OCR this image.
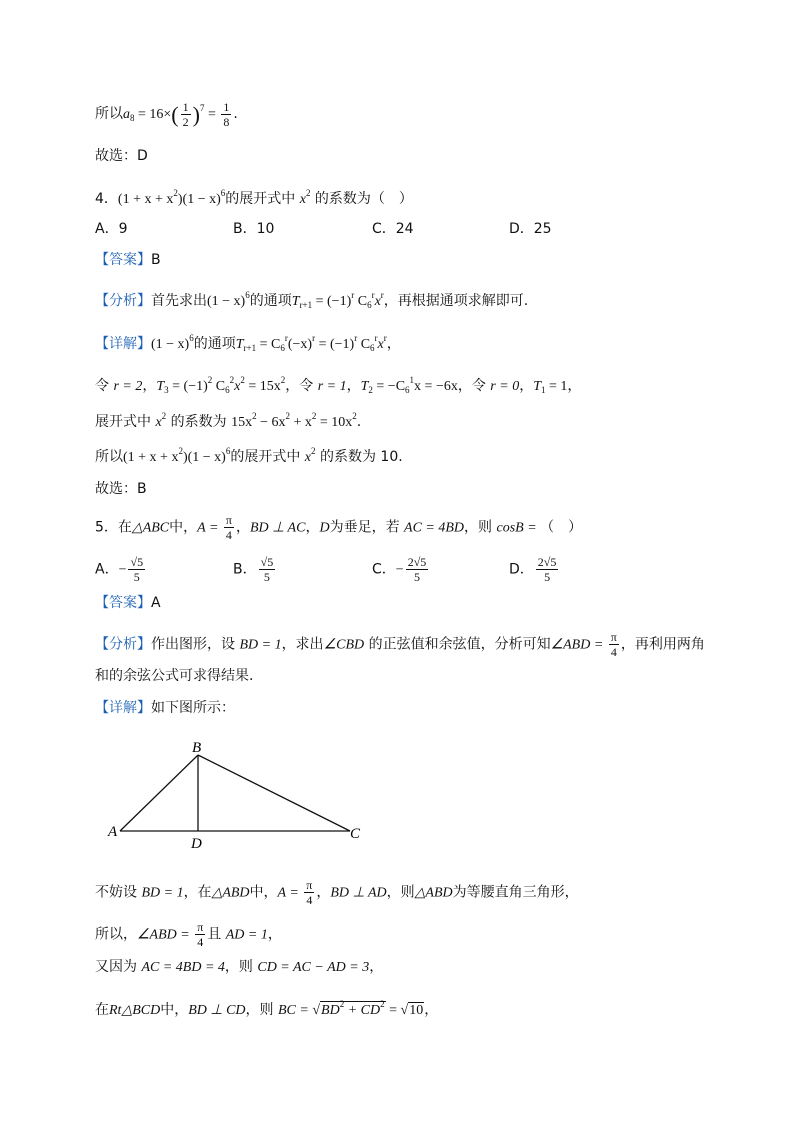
所以$a_8 = 16\times( \frac{1}{2} )^7 = \frac{1}{8}$ .
故选：D
4．$(1 + x + x^2)(1 - x)^6$的展开式中 $x^2$ 的系数为（　）
A．9	B．10	C．24	D．25
【答案】B
【分析】首先求出$(1 - x)^6$的通项$T_{r+1} = (-1)^r$ $C_6^rx^r$，再根据通项求解即可.
【详解】$(1 - x)^6$的通项$T_{r+1} = C_6^r(-x)^r = (-1)^r$ $C_6^rx^r$，
令 r = 2，$T_3 = (-1)^2$ $C_6^2x^2 = 15x^2$，令 r = 1，$T_2 = -C_6^1x = -6x$，令 r = 0，$T_1 = 1$，
展开式中 $x^2$ 的系数为 $15x^2 - 6x^2 + x^2 = 10x^2$.
所以$(1 + x + x^2)(1 - x)^6$的展开式中 $x^2$ 的系数为 10.
故选：B
5．在△ABC中，$A = \frac{\pi}{4}$ ，BD ⊥ AC，D为垂足，若 AC = 4BD，则 cosB = （　）
A．− $\frac{√5}{5}$	B． $\frac{√5}{5}$	C．− $\frac{2√5}{5}$	D． $\frac{2√5}{5}$
【答案】A
【分析】作出图形，设 BD = 1，求出∠CBD 的正弦值和余弦值，分析可知∠ABD = $\frac{\pi}{4}$ ，再利用两角
和的余弦公式可求得结果.
【详解】如下图所示：
A
B
C
D
不妨设 BD = 1，在△ABD中，$A = \frac{\pi}{4}$ ，BD ⊥ AD，则△ABD为等腰直角三角形，
所以，∠ABD = $\frac{\pi}{4}$ 且 AD = 1，
又因为 AC = 4BD = 4，则 CD = AC − AD = 3，
在Rt△BCD中，BD ⊥ CD，则 BC = $√BD^2 + CD^2 = √10$，
